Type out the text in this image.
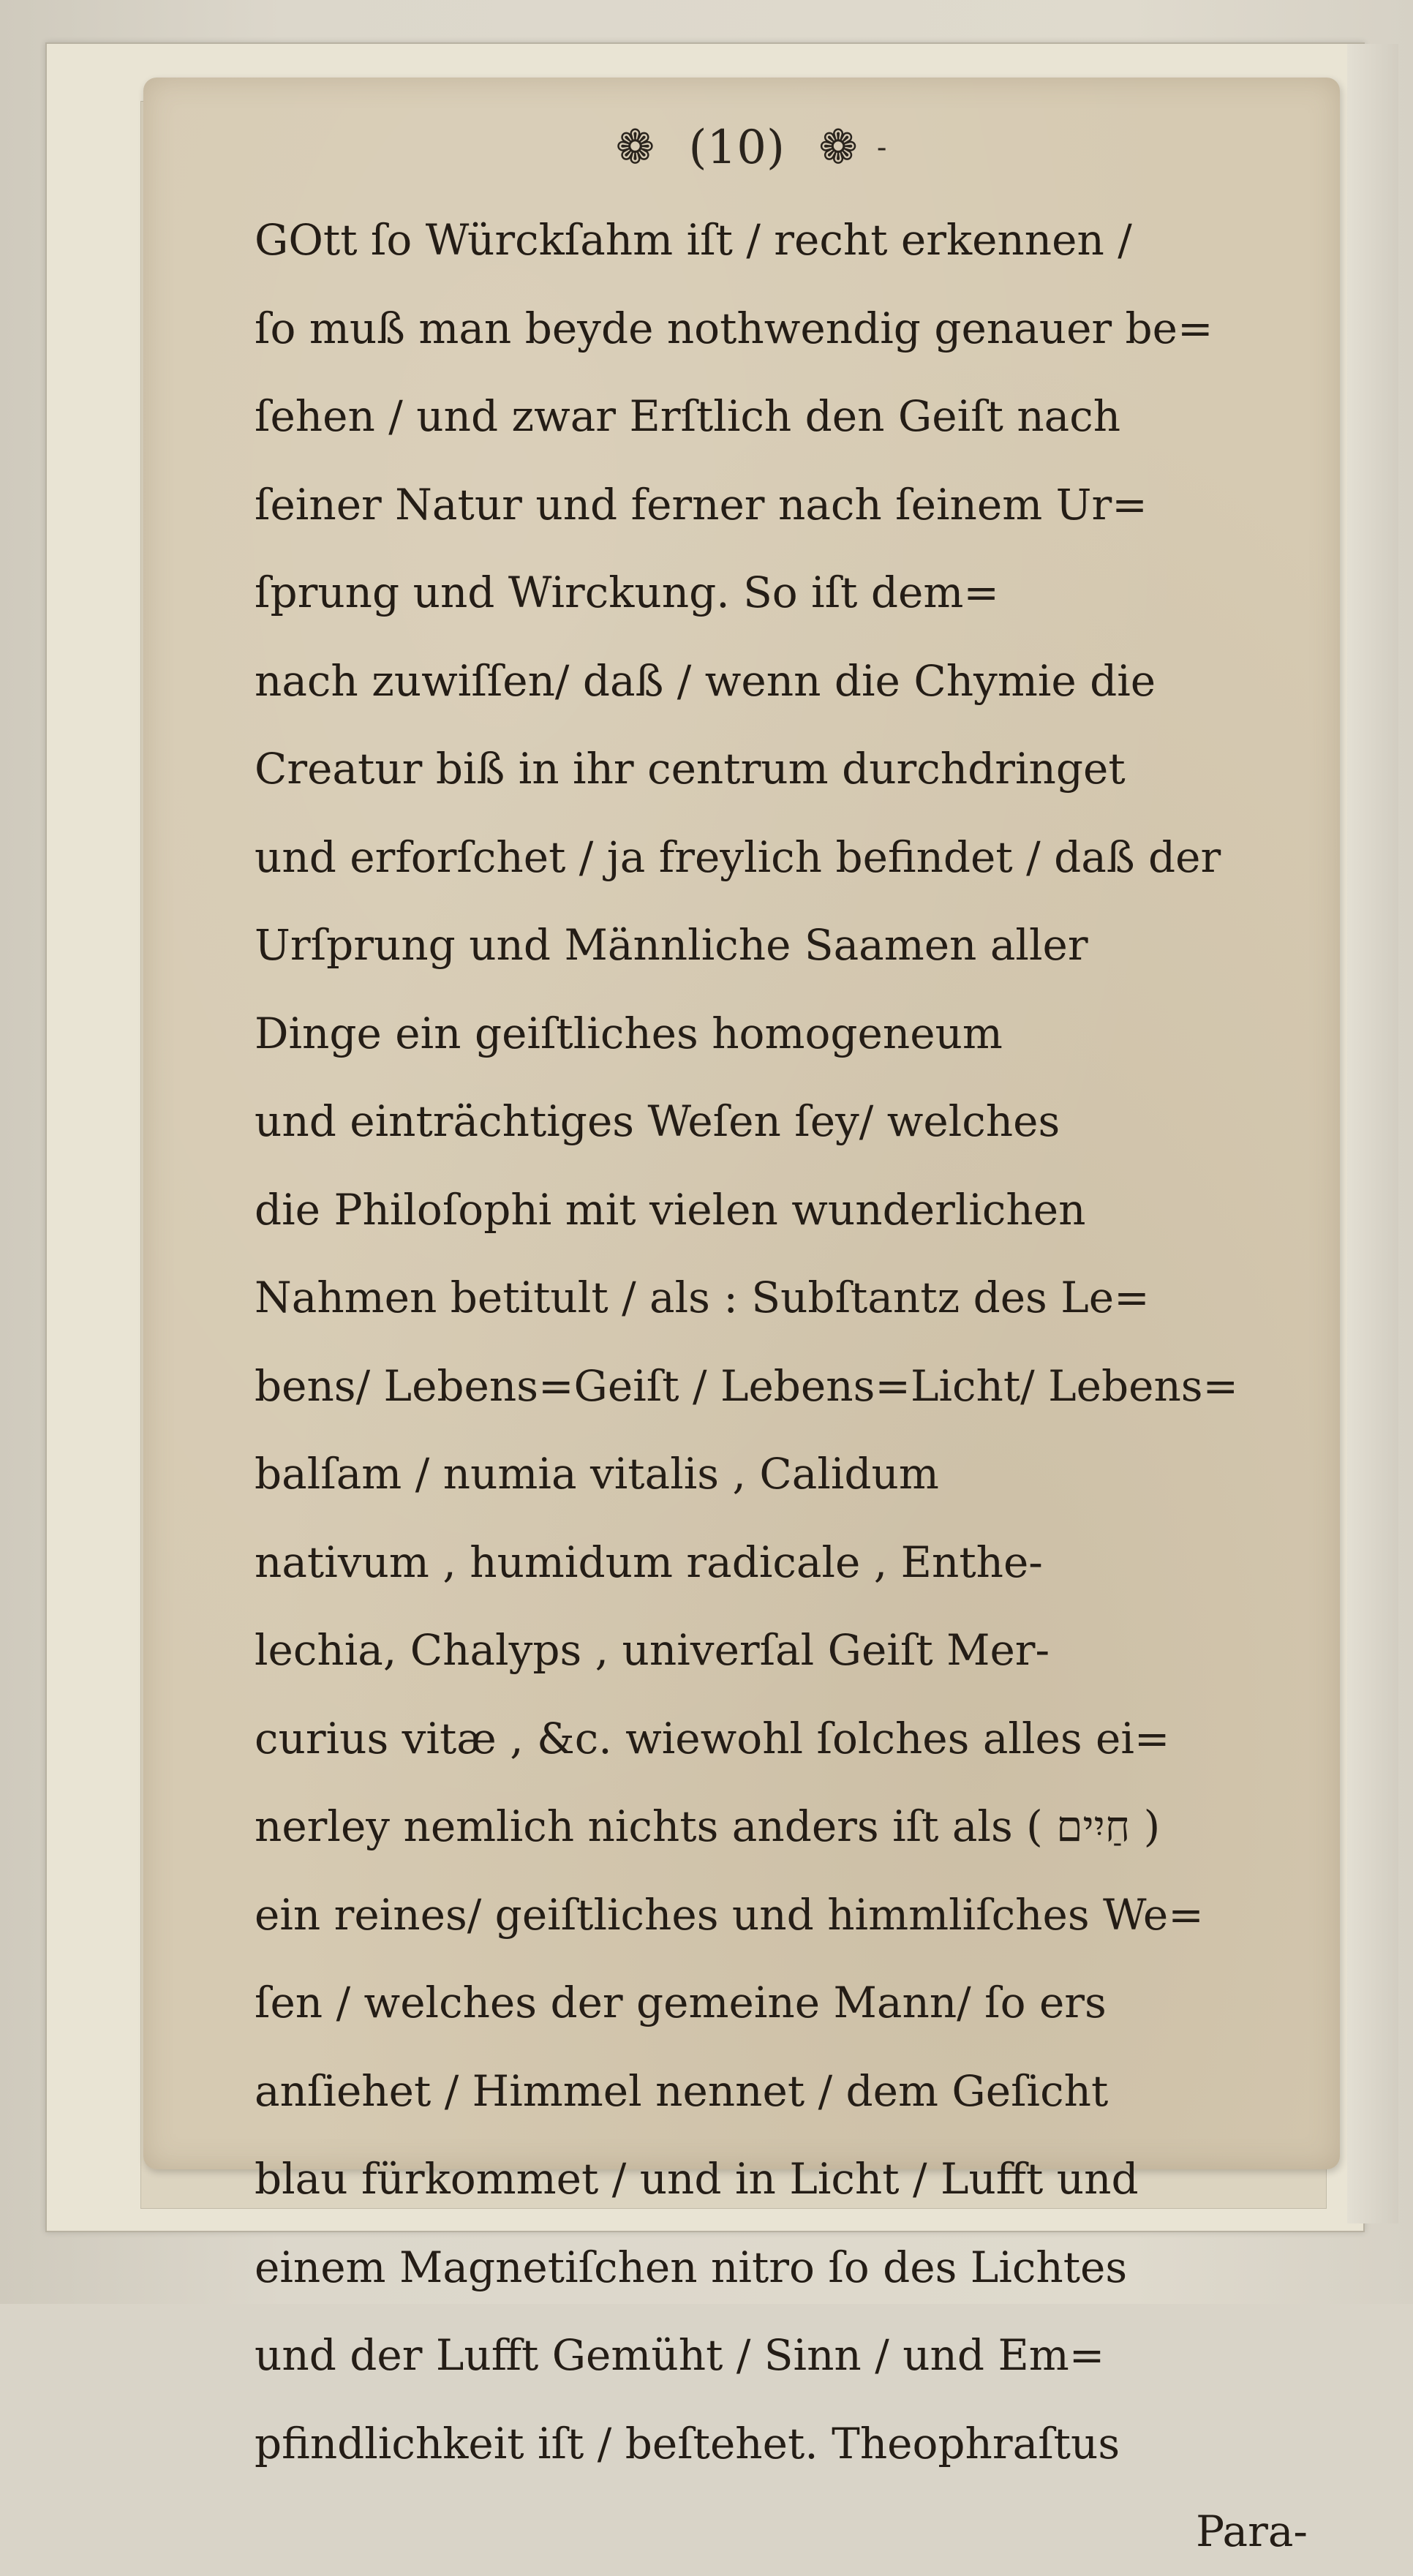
❁ (10) ❁ -
GOtt ſo Würckſahm iſt / recht erkennen /
ſo muß man beyde nothwendig genauer be=
ſehen / und zwar Erſtlich den Geiſt nach
ſeiner Natur und ferner nach ſeinem Ur=
ſprung und Wirckung. So iſt dem=
nach zuwiſſen/ daß / wenn die Chymie die
Creatur biß in ihr centrum durchdringet
und erforſchet / ja freylich befindet / daß der
Urſprung und Männliche Saamen aller
Dinge ein geiſtliches homogeneum
und einträchtiges Weſen ſey/ welches
die Philoſophi mit vielen wunderlichen
Nahmen betitult / als : Subſtantz des Le=
bens/ Lebens=Geiſt / Lebens=Licht/ Lebens=
balſam / numia vitalis , Calidum
nativum , humidum radicale , Enthe-
lechia, Chalyps , univerſal Geiſt Mer-
curius vitæ , &c. wiewohl ſolches alles ei=
nerley nemlich nichts anders iſt als ( חַיִים )
ein reines/ geiſtliches und himmliſches We=
ſen / welches der gemeine Mann/ ſo ers
anſiehet / Himmel nennet / dem Geſicht
blau fürkommet / und in Licht / Lufft und
einem Magnetiſchen nitro ſo des Lichtes
und der Lufft Gemüht / Sinn / und Em=
pfindlichkeit iſt / beſtehet. Theophraſtus
Para-
